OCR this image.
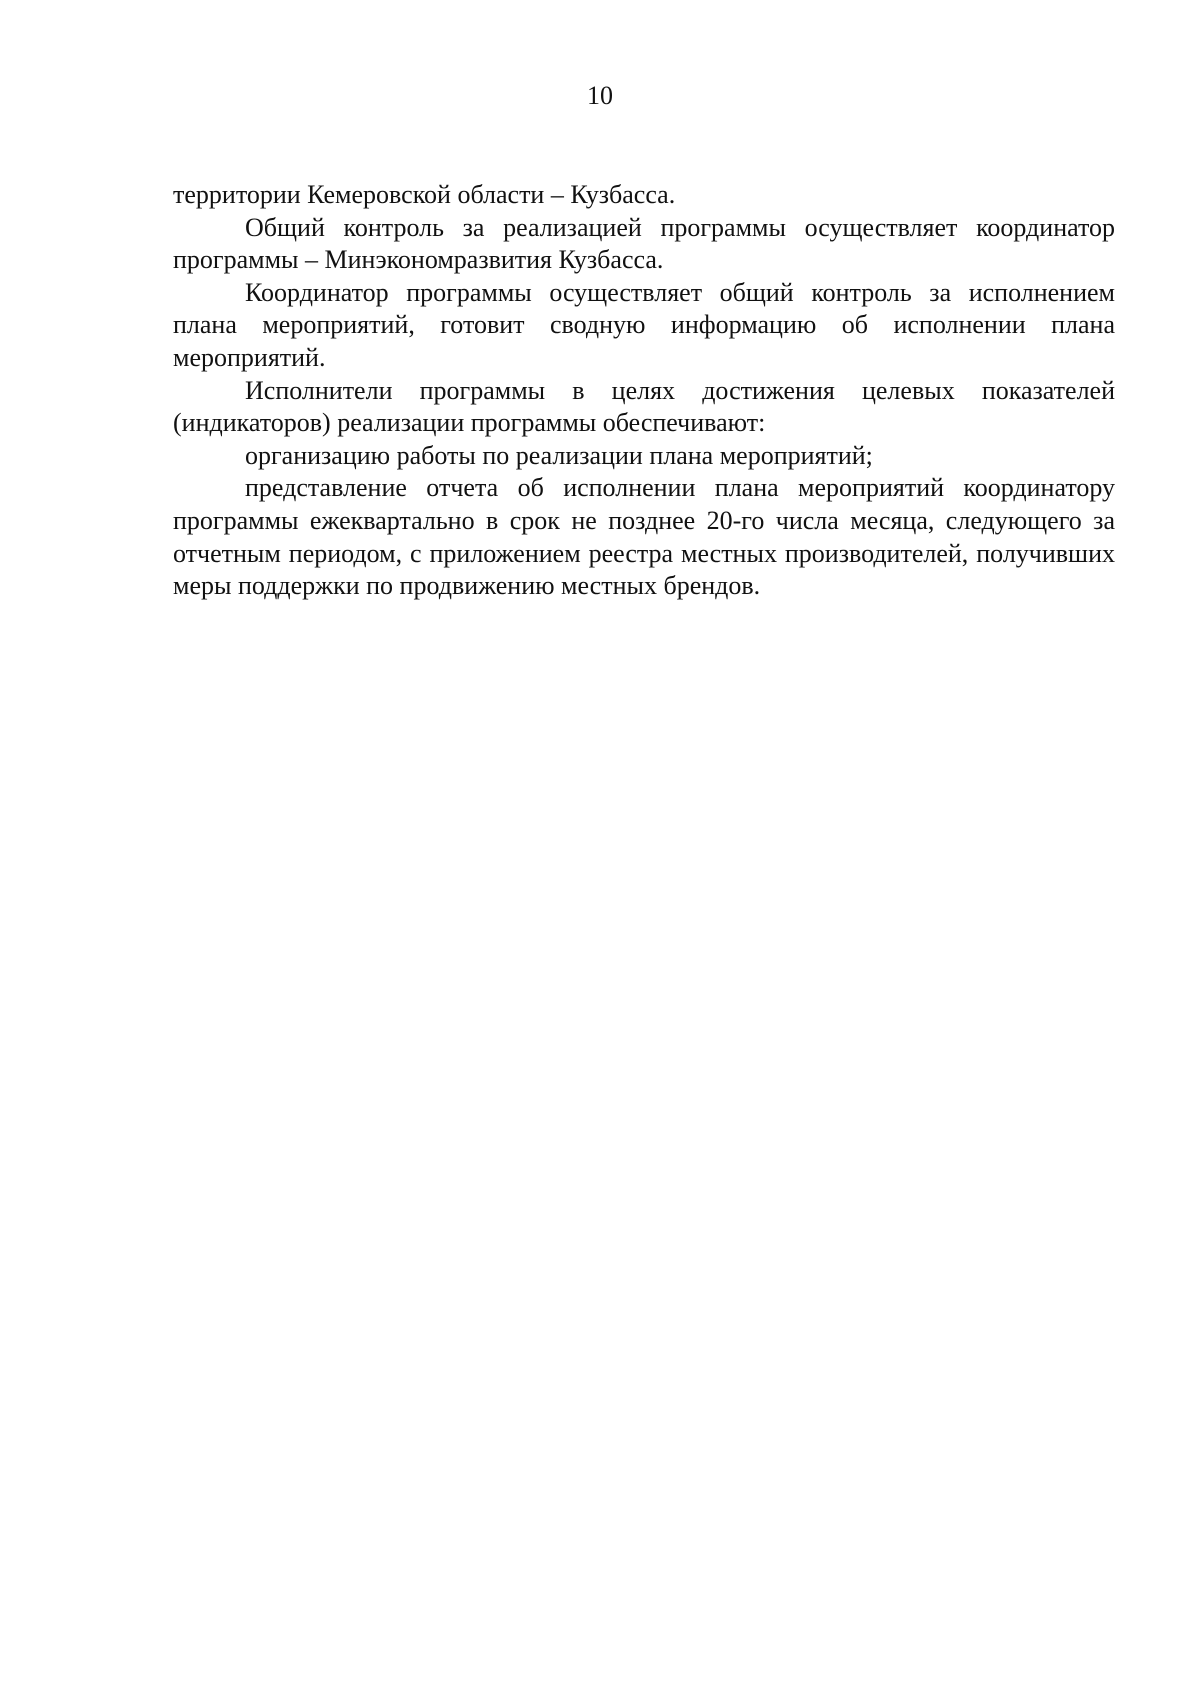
10

территории Кемеровской области – Кузбасса.

Общий контроль за реализацией программы осуществляет координатор программы – Минэкономразвития Кузбасса.

Координатор программы осуществляет общий контроль за исполнением плана мероприятий, готовит сводную информацию об исполнении плана мероприятий.

Исполнители программы в целях достижения целевых показателей (индикаторов) реализации программы обеспечивают:

организацию работы по реализации плана мероприятий;

представление отчета об исполнении плана мероприятий координатору программы ежеквартально в срок не позднее 20-го числа месяца, следующего за отчетным периодом, с приложением реестра местных производителей, получивших меры поддержки по продвижению местных брендов.
